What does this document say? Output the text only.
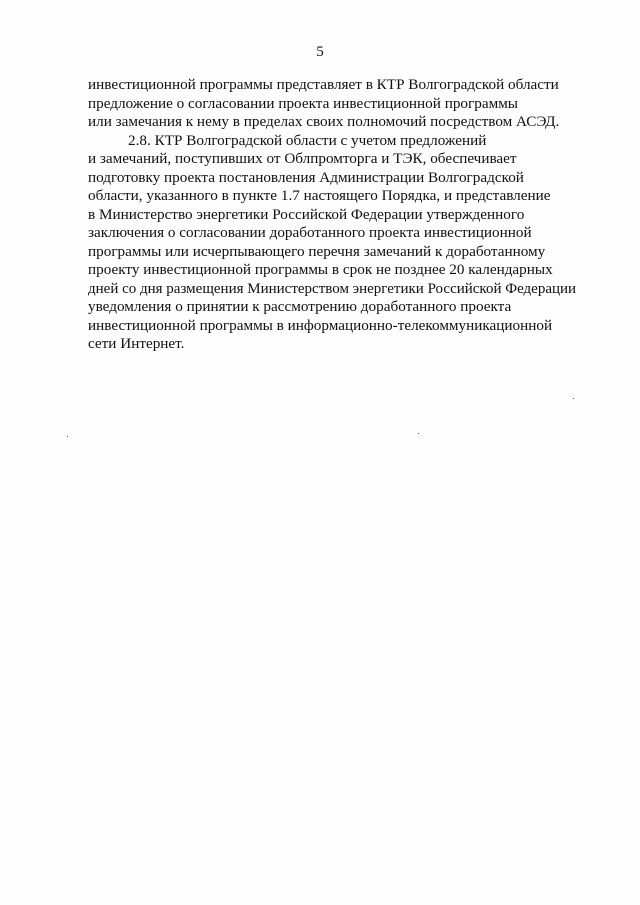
5
инвестиционной программы представляет в КТР Волгоградской области
предложение о согласовании проекта инвестиционной программы
или замечания к нему в пределах своих полномочий посредством АСЭД.
2.8. КТР Волгоградской области с учетом предложений
и замечаний, поступивших от Облпромторга и ТЭК, обеспечивает
подготовку проекта постановления Администрации Волгоградской
области, указанного в пункте 1.7 настоящего Порядка, и представление
в Министерство энергетики Российской Федерации утвержденного
заключения о согласовании доработанного проекта инвестиционной
программы или исчерпывающего перечня замечаний к доработанному
проекту инвестиционной программы в срок не позднее 20 календарных
дней со дня размещения Министерством энергетики Российской Федерации
уведомления о принятии к рассмотрению доработанного проекта
инвестиционной программы в информационно-телекоммуникационной
сети Интернет.
